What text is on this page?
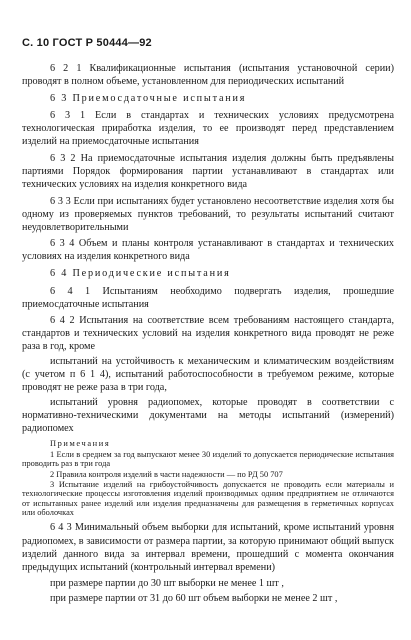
С. 10 ГОСТ Р 50444—92

6 2 1 Квалификационные испытания (испытания установочной серии) проводят в полном объеме, установленном для периодических испытаний

6 3 Приемосдаточные испытания

6 3 1 Если в стандартах и технических условиях предусмотрена технологическая приработка изделия, то ее производят перед представлением изделий на приемосдаточные испытания

6 3 2 На приемосдаточные испытания изделия должны быть предъявлены партиями Порядок формирования партии устанавливают в стандартах или технических условиях на изделия конкретного вида

6 3 3 Если при испытаниях будет установлено несоответствие изделия хотя бы одному из проверяемых пунктов требований, то результаты испытаний считают неудовлетворительными

6 3 4 Объем и планы контроля устанавливают в стандартах и технических условиях на изделия конкретного вида

6 4 Периодические испытания

6 4 1 Испытаниям необходимо подвергать изделия, прошедшие приемосдаточные испытания

6 4 2 Испытания на соответствие всем требованиям настоящего стандарта, стандартов и технических условий на изделия конкретного вида проводят не реже раза в год, кроме

испытаний на устойчивость к механическим и климатическим воздействиям (с учетом п 6 1 4), испытаний работоспособности в требуемом режиме, которые проводят не реже раза в три года,

испытаний уровня радиопомех, которые проводят в соответствии с нормативно-техническими документами на методы испытаний (измерений) радиопомех

Примечания

1 Если в среднем за год выпускают менее 30 изделий то допускается периодические испытания проводить раз в три года

2 Правила контроля изделий в части надежности — по РД 50 707

3 Испытание изделий на грибоустойчивость допускается не проводить если материалы и технологические процессы изготовления изделий производимых одним предприятием не отличаются от испытанных ранее изделий или изделия предназначены для размещения в герметичных корпусах или оболочках

6 4 3 Минимальный объем выборки для испытаний, кроме испытаний уровня радиопомех, в зависимости от размера партии, за которую принимают общий выпуск изделий данного вида за интервал времени, прошедший с момента окончания предыдущих испытаний (контрольный интервал времени)

при размере партии до 30 шт выборки не менее 1 шт ,

при размере партии от 31 до 60 шт объем выборки не менее 2 шт ,
